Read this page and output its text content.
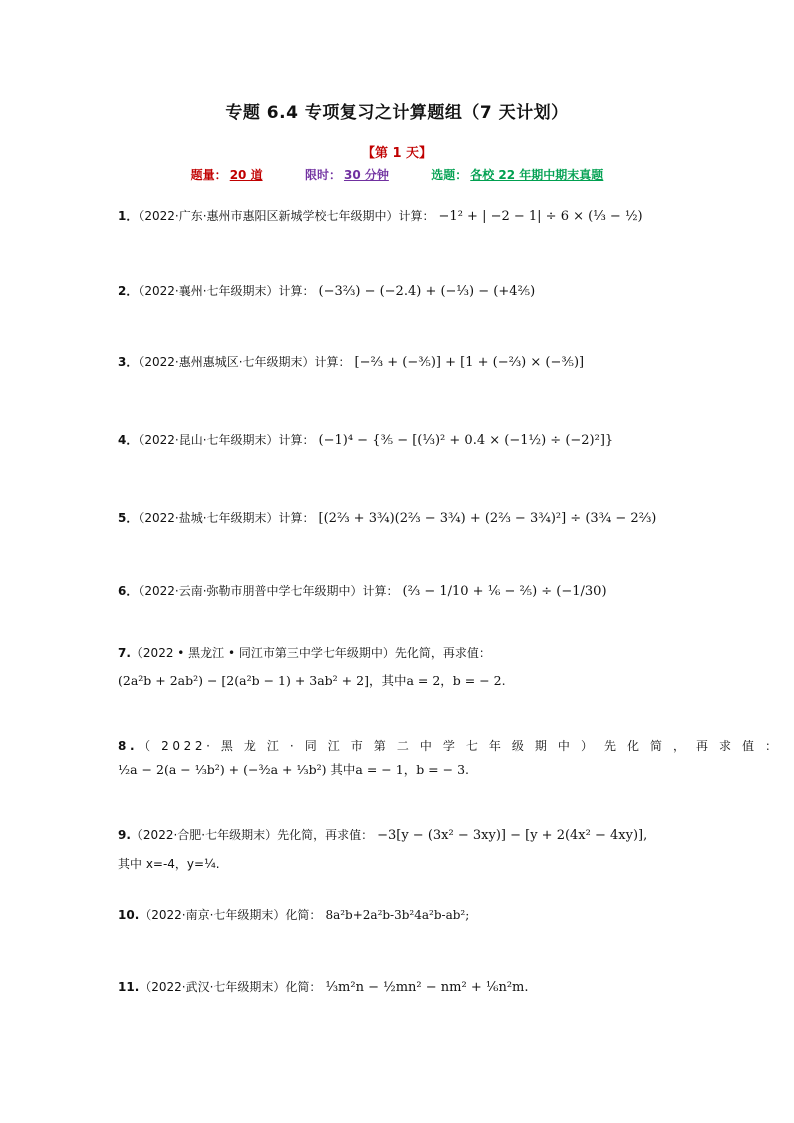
专题 6.4 专项复习之计算题组（7 天计划）
【第 1 天】
题量： 20 道	限时： 30 分钟	选题： 各校 22 年期中期末真题
1．（2022·广东·惠州市惠阳区新城学校七年级期中）计算： −1² + | −2 − 1| ÷ 6 × (⅓ − ½)
2．（2022·襄州·七年级期末）计算： (−3⅔) − (−2.4) + (−⅓) − (+4⅖)
3．（2022·惠州惠城区·七年级期末）计算： [−⅔ + (−⅗)] + [1 + (−⅔) × (−⅗)]
4．（2022·昆山·七年级期末）计算： (−1)⁴ − {⅗ − [(⅓)² + 0.4 × (−1½) ÷ (−2)²]}
5．（2022·盐城·七年级期末）计算： [(2⅔ + 3¾)(2⅔ − 3¾) + (2⅔ − 3¾)²] ÷ (3¾ − 2⅔)
6．（2022·云南·弥勒市朋普中学七年级期中）计算： (⅔ − 1/10 + ⅙ − ⅖) ÷ (−1/30)
7.（2022 • 黑龙江 • 同江市第三中学七年级期中）先化简，再求值：
(2a²b + 2ab²) − [2(a²b − 1) + 3ab² + 2]，其中a = 2，b = − 2.
8.（ 2022· 黑 龙 江 · 同 江 市 第 二 中 学 七 年 级 期 中 ） 先 化 简 ， 再 求 值 ：
½a − 2(a − ⅓b²) + (−³⁄₂a + ⅓b²) 其中a = − 1，b = − 3.
9.（2022·合肥·七年级期末）先化简，再求值： −3[y − (3x² − 3xy)] − [y + 2(4x² − 4xy)],
其中 x=-4，y=¼.
10.（2022·南京·七年级期末）化简： 8a²b+2a²b-3b²4a²b-ab²;
11.（2022·武汉·七年级期末）化简： ⅓m²n − ½mn² − nm² + ⅙n²m.
